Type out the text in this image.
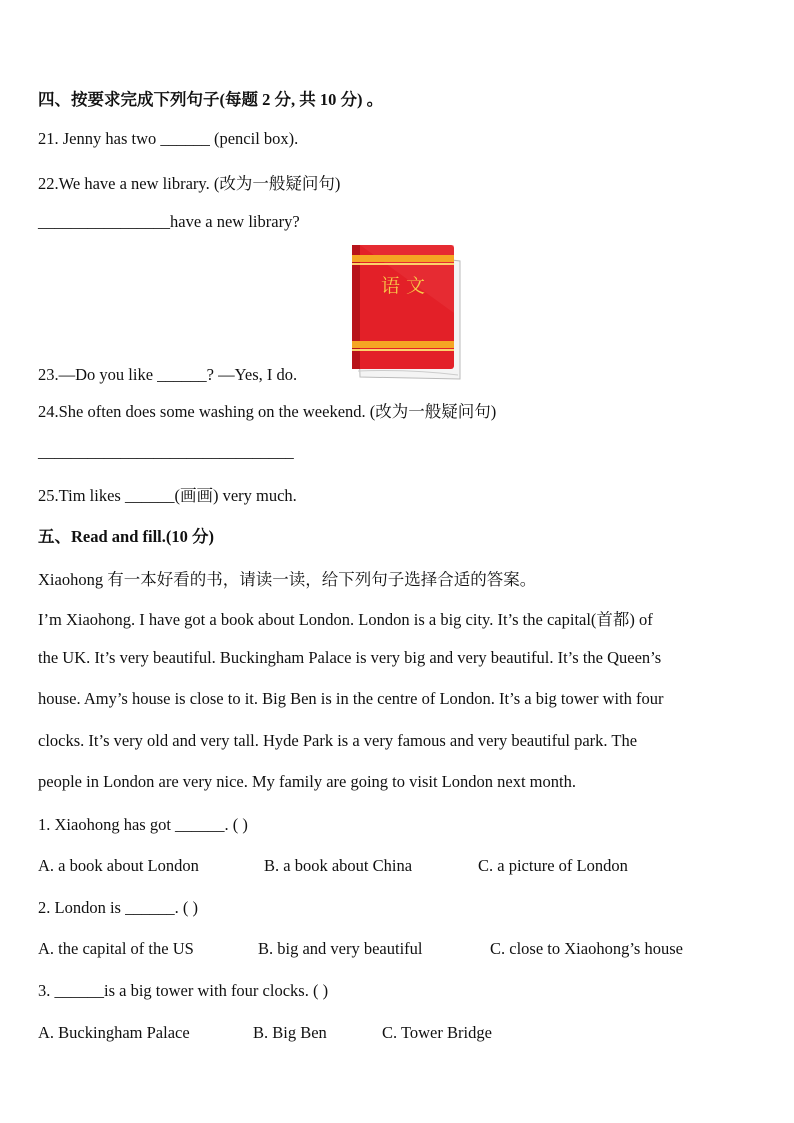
四、按要求完成下列句子(每题 2 分, 共 10 分) 。
21. Jenny has two ______ (pencil box).
22.We have a new library. (改为一般疑问句)
________________have a new library?
语 文
23.—Do you like ______? —Yes, I do.
24.She often does some washing on the weekend. (改为一般疑问句)
_______________________________
25.Tim likes ______(画画) very much.
五、Read and fill.(10 分)
Xiaohong 有一本好看的书，请读一读，给下列句子选择合适的答案。
I’m Xiaohong. I have got a book about London. London is a big city. It’s the capital(首都) of
the UK. It’s very beautiful. Buckingham Palace is very big and very beautiful. It’s the Queen’s
house. Amy’s house is close to it. Big Ben is in the centre of London. It’s a big tower with four
clocks. It’s very old and very tall. Hyde Park is a very famous and very beautiful park. The
people in London are very nice. My family are going to visit London next month.
1. Xiaohong has got ______. ( )
A. a book about London	B. a book about China	C. a picture of London
2. London is ______. ( )
A. the capital of the US	B. big and very beautiful	C. close to Xiaohong’s house
3. ______is a big tower with four clocks. ( )
A. Buckingham Palace	B. Big Ben	C. Tower Bridge
